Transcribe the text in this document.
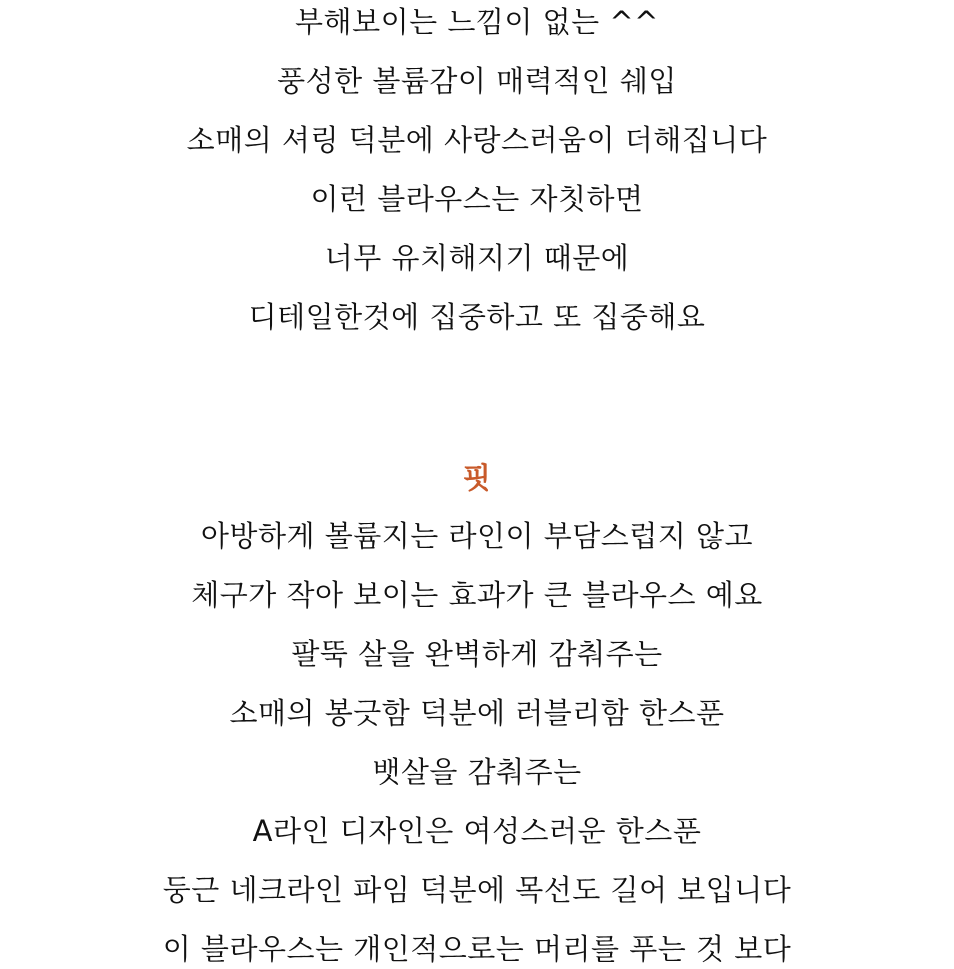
부해보이는 느낌이 없는 ^^
풍성한 볼륨감이 매력적인 쉐입
소매의 셔링 덕분에 사랑스러움이 더해집니다
이런 블라우스는 자칫하면
너무 유치해지기 때문에
디테일한것에 집중하고 또 집중해요
핏
아방하게 볼륨지는 라인이 부담스럽지 않고
체구가 작아 보이는 효과가 큰 블라우스 예요
팔뚝 살을 완벽하게 감춰주는
소매의 봉긋함 덕분에 러블리함 한스푼
뱃살을 감춰주는
A라인 디자인은 여성스러운 한스푼
둥근 네크라인 파임 덕분에 목선도 길어 보입니다
이 블라우스는 개인적으로는 머리를 푸는 것 보다
